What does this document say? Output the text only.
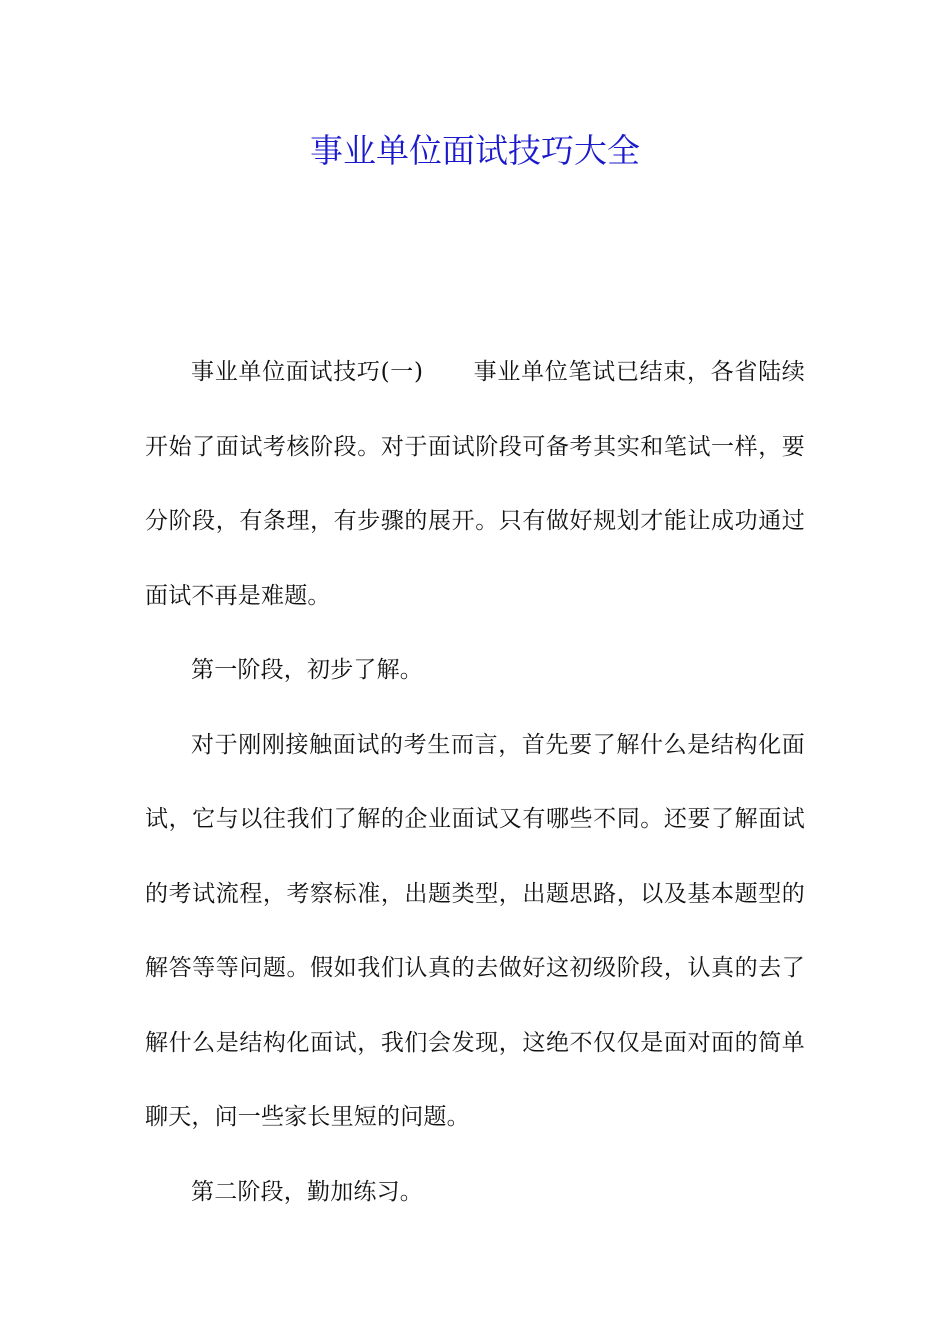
事业单位面试技巧大全

事业单位面试技巧(一) 事业单位笔试已结束，各省陆续开始了面试考核阶段。对于面试阶段可备考其实和笔试一样，要分阶段，有条理，有步骤的展开。只有做好规划才能让成功通过面试不再是难题。

第一阶段，初步了解。

对于刚刚接触面试的考生而言，首先要了解什么是结构化面试，它与以往我们了解的企业面试又有哪些不同。还要了解面试的考试流程，考察标准，出题类型，出题思路，以及基本题型的解答等等问题。假如我们认真的去做好这初级阶段，认真的去了解什么是结构化面试，我们会发现，这绝不仅仅是面对面的简单聊天，问一些家长里短的问题。

第二阶段，勤加练习。
